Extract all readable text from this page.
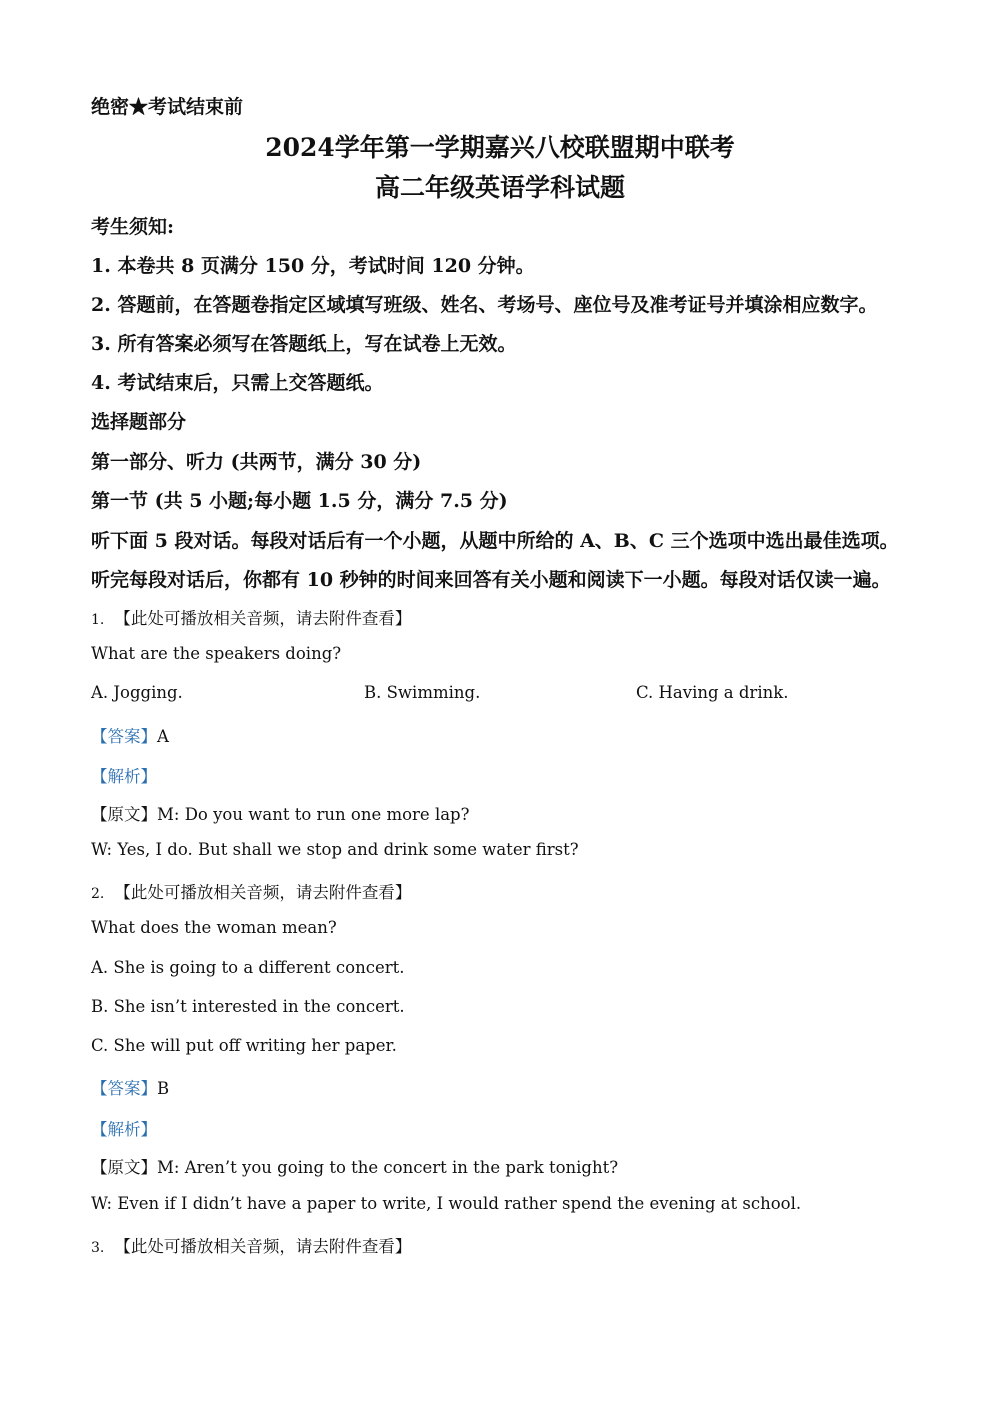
绝密★考试结束前
2024学年第一学期嘉兴八校联盟期中联考
高二年级英语学科试题
考生须知:
1. 本卷共 8 页满分 150 分，考试时间 120 分钟。
2. 答题前，在答题卷指定区域填写班级、姓名、考场号、座位号及准考证号并填涂相应数字。
3. 所有答案必须写在答题纸上，写在试卷上无效。
4. 考试结束后，只需上交答题纸。
选择题部分
第一部分、听力 (共两节，满分 30 分)
第一节 (共 5 小题;每小题 1.5 分，满分 7.5 分)
听下面 5 段对话。每段对话后有一个小题，从题中所给的 A、B、C 三个选项中选出最佳选项。
听完每段对话后，你都有 10 秒钟的时间来回答有关小题和阅读下一小题。每段对话仅读一遍。
1. 【此处可播放相关音频，请去附件查看】
What are the speakers doing?
A. Jogging.	B. Swimming.	C. Having a drink.
【答案】A
【解析】
【原文】M: Do you want to run one more lap?
W: Yes, I do. But shall we stop and drink some water first?
2. 【此处可播放相关音频，请去附件查看】
What does the woman mean?
A. She is going to a different concert.
B. She isn’t interested in the concert.
C. She will put off writing her paper.
【答案】B
【解析】
【原文】M: Aren’t you going to the concert in the park tonight?
W: Even if I didn’t have a paper to write, I would rather spend the evening at school.
3. 【此处可播放相关音频，请去附件查看】
